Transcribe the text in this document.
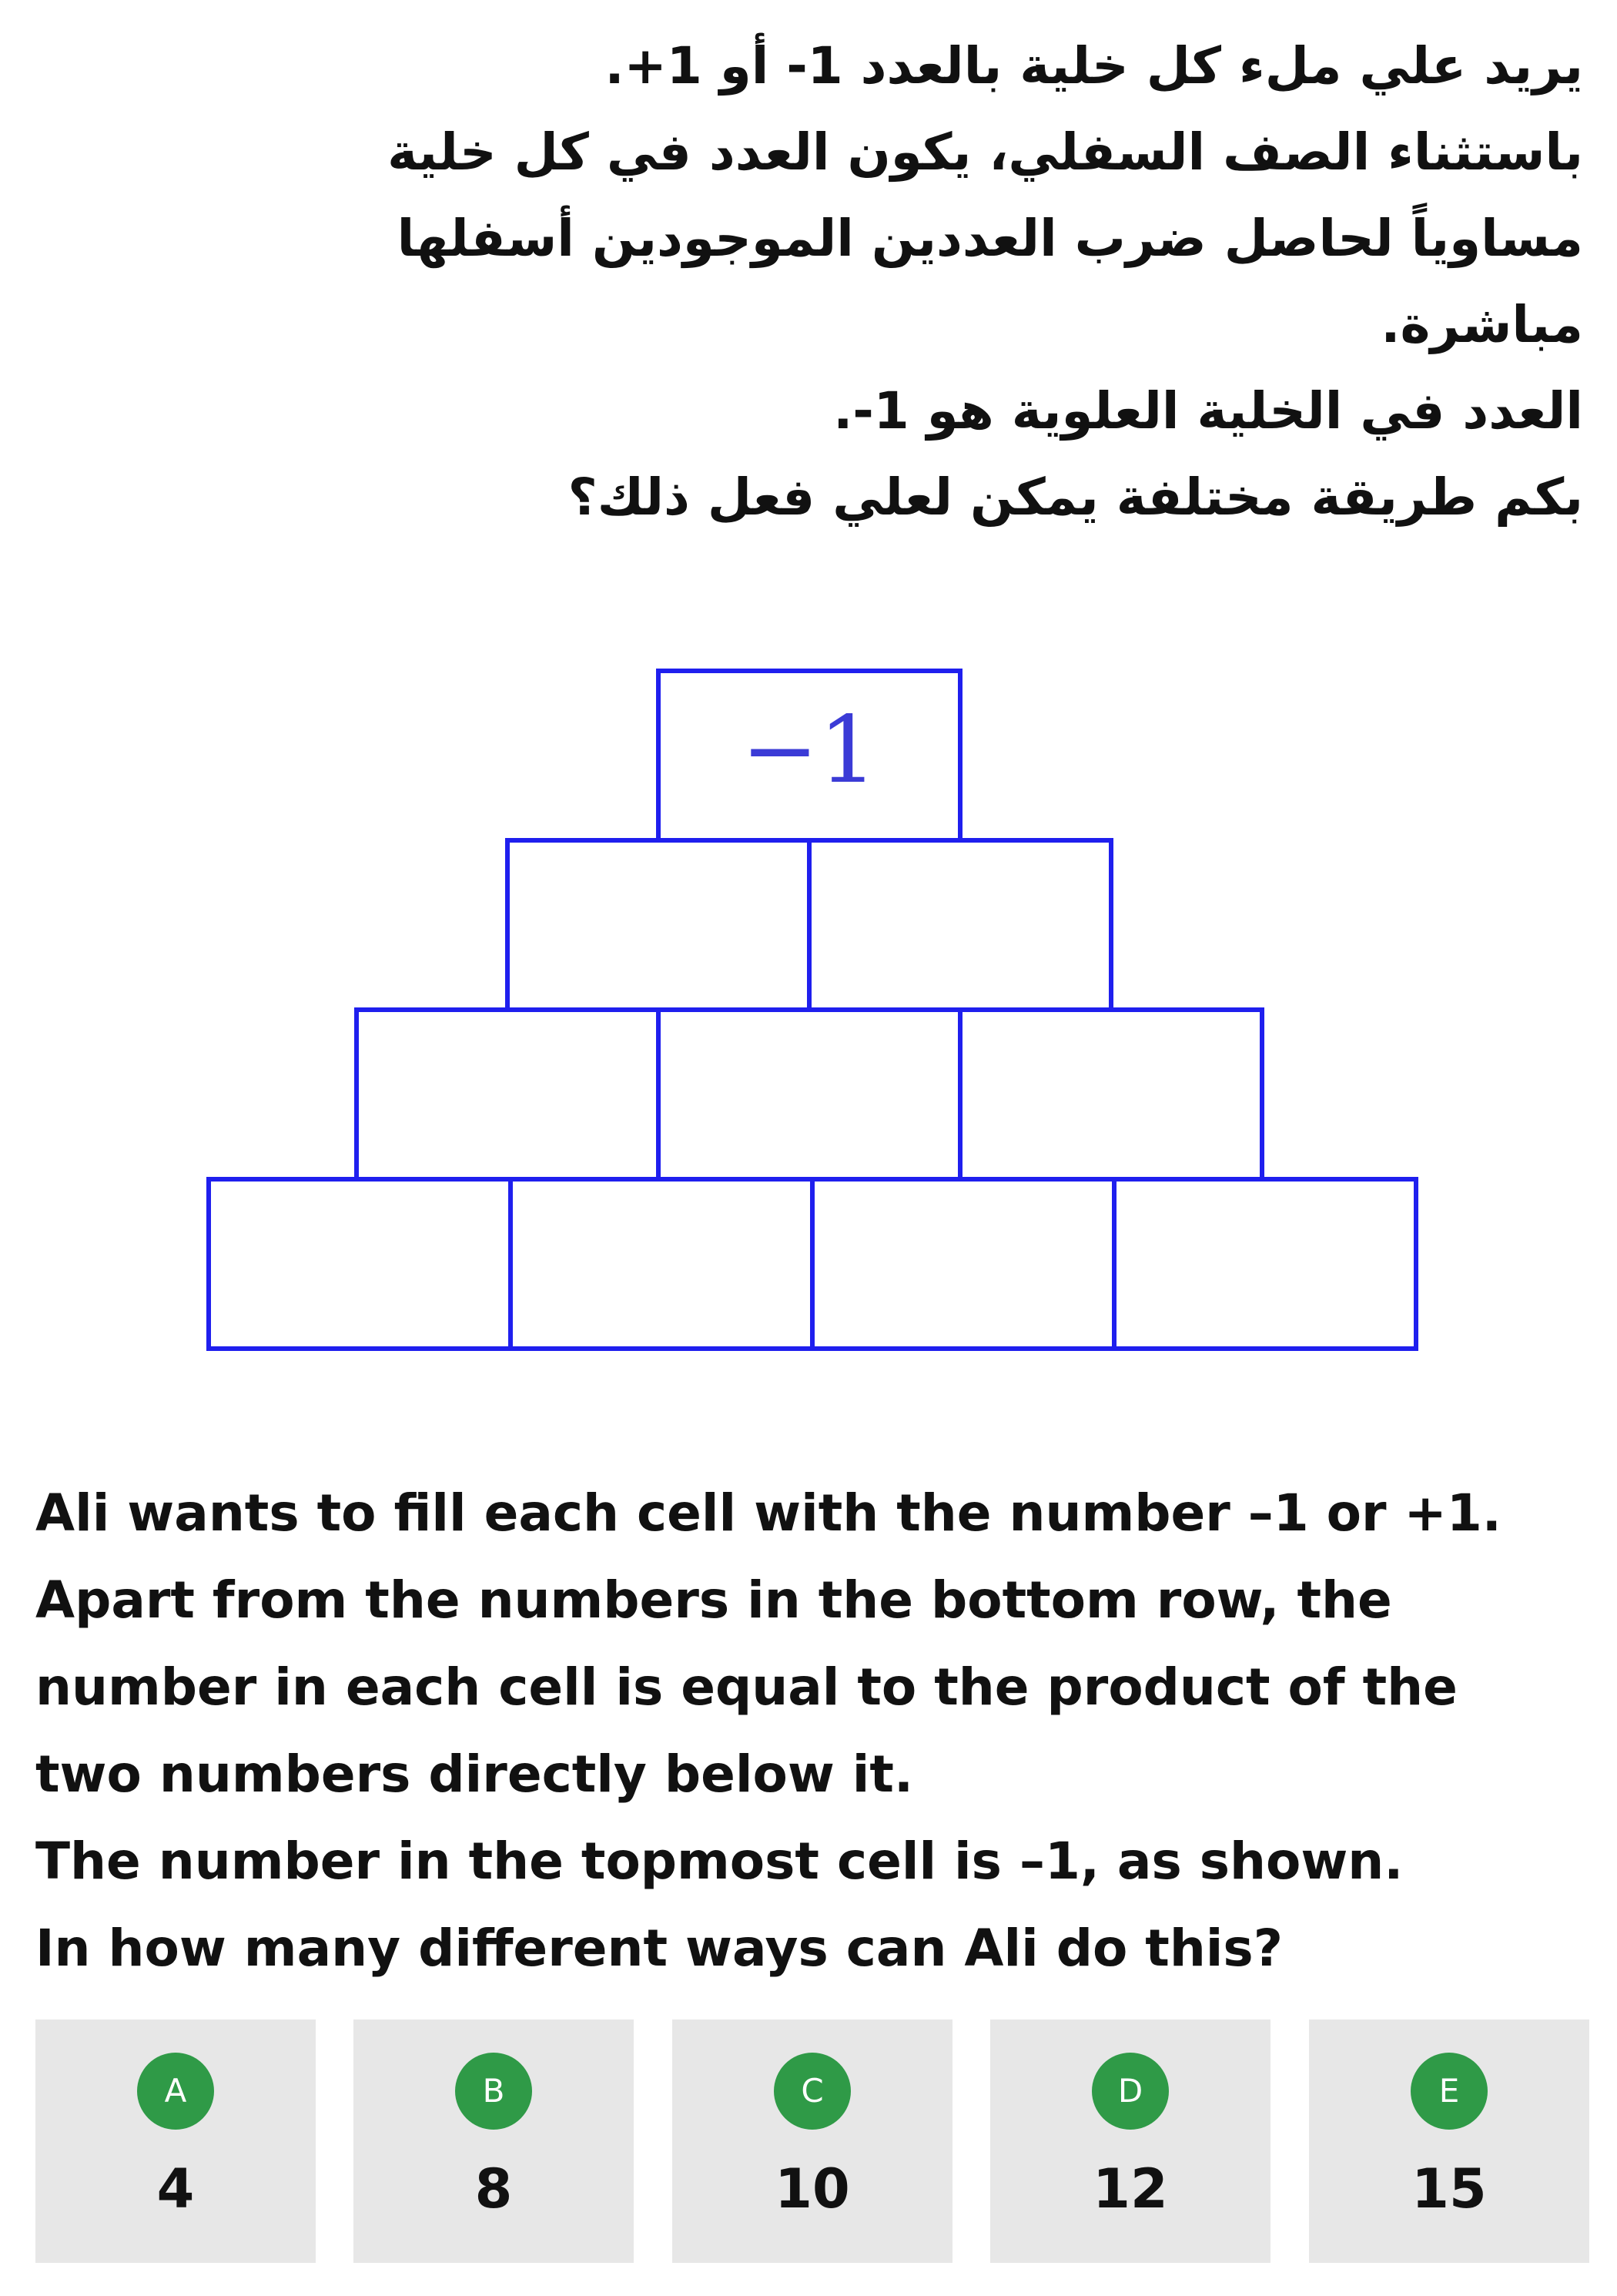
يريد علي ملء كل خلية بالعدد 1- أو 1+.
باستثناء الصف السفلي، يكون العدد في كل خلية
مساوياً لحاصل ضرب العددين الموجودين أسفلها
مباشرة.
العدد في الخلية العلوية هو 1-.
بكم طريقة مختلفة يمكن لعلي فعل ذلك؟
−1
Ali wants to fill each cell with the number –1 or +1.
Apart from the numbers in the bottom row, the
number in each cell is equal to the product of the
two numbers directly below it.
The number in the topmost cell is –1, as shown.
In how many different ways can Ali do this?
A
4
B
8
C
10
D
12
E
15
